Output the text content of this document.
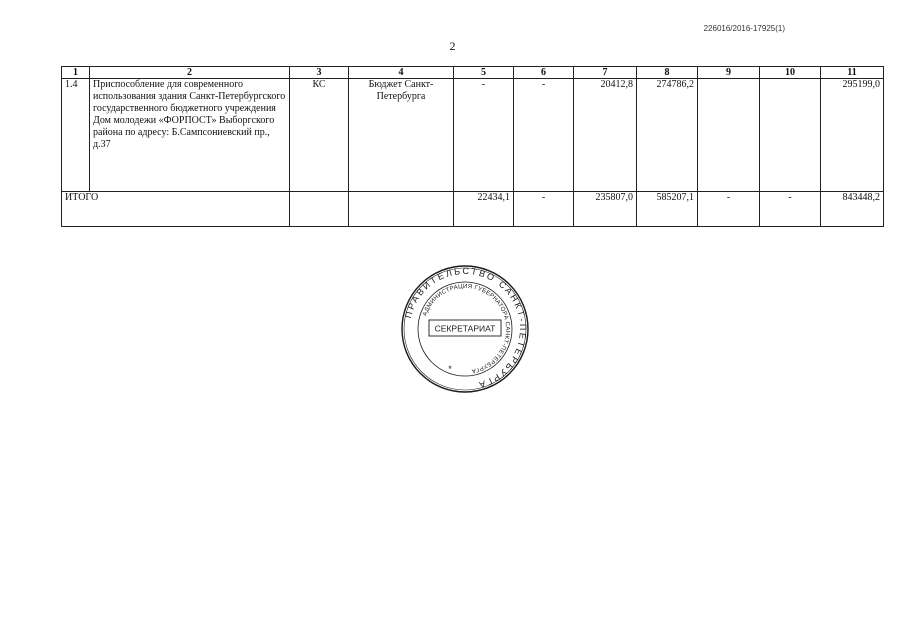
226016/2016-17925(1)
2
1	2	3	4	5	6	7	8	9	10	11
1.4	Приспособление для современного использования здания Санкт-Петербургского государственного бюджетного учреждения Дом молодежи «ФОРПОСТ» Выборгского района по адресу: Б.Сампсониевский пр., д.37	КС	Бюджет Санкт-Петербурга	-	-	20412,8	274786,2			295199,0
ИТОГО				22434,1	-	235807,0	585207,1	-	-	843448,2
ПРАВИТЕЛЬСТВО САНКТ-ПЕТЕРБУРГА
АДМИНИСТРАЦИЯ ГУБЕРНАТОРА САНКТ-ПЕТЕРБУРГА
СЕКРЕТАРИАТ
*
